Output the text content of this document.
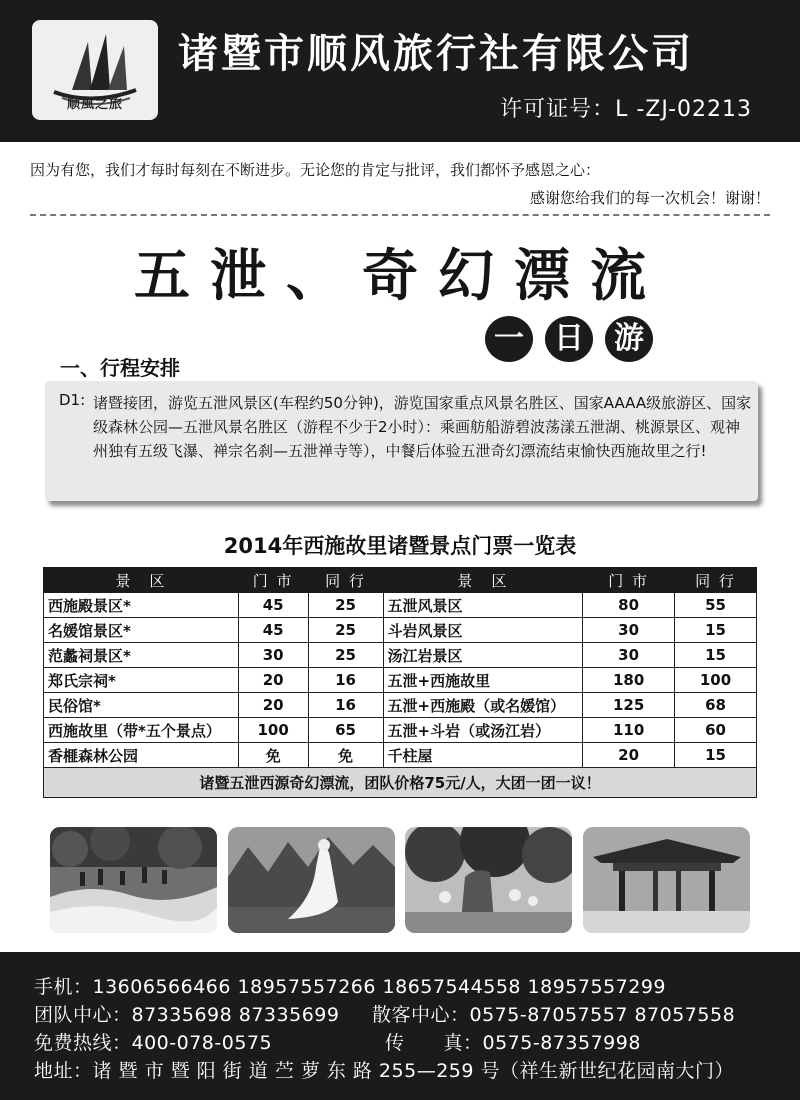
顺風之旅
诸暨市顺风旅行社有限公司
许可证号：L -ZJ-02213
因为有您，我们才每时每刻在不断进步。无论您的肯定与批评，我们都怀予感恩之心：
感谢您给我们的每一次机会！谢谢！
五泄、奇幻漂流
一	日	游
一、行程安排
D1: 诸暨接团，游览五泄风景区(车程约50分钟)，游览国家重点风景名胜区、国家AAAA级旅游区、国家级森林公园—五泄风景名胜区（游程不少于2小时）：乘画舫船游碧波荡漾五泄湖、桃源景区、观神州独有五级飞瀑、禅宗名刹—五泄禅寺等），中餐后体验五泄奇幻漂流结束愉快西施故里之行!
2014年西施故里诸暨景点门票一览表
景　区	门 市	同 行	景　区	门 市	同 行
西施殿景区*	45	25	五泄风景区	80	55
名媛馆景区*	45	25	斗岩风景区	30	15
范蠡祠景区*	30	25	汤江岩景区	30	15
郑氏宗祠*	20	16	五泄+西施故里	180	100
民俗馆*	20	16	五泄+西施殿（或名媛馆）	125	68
西施故里（带*五个景点）	100	65	五泄+斗岩（或汤江岩）	110	60
香榧森林公园	免	免	千柱屋	20	15
诸暨五泄西源奇幻漂流，团队价格75元/人，大团一团一议！					
手机：13606566466 18957557266 18657544558 18957557299
团队中心：87335698 87335699 散客中心：0575-87057557 87057558
免费热线：400-078-0575	传　　真：0575-87357998
地址：诸 暨 市 暨 阳 街 道 苎 萝 东 路 255—259 号（祥生新世纪花园南大门）
